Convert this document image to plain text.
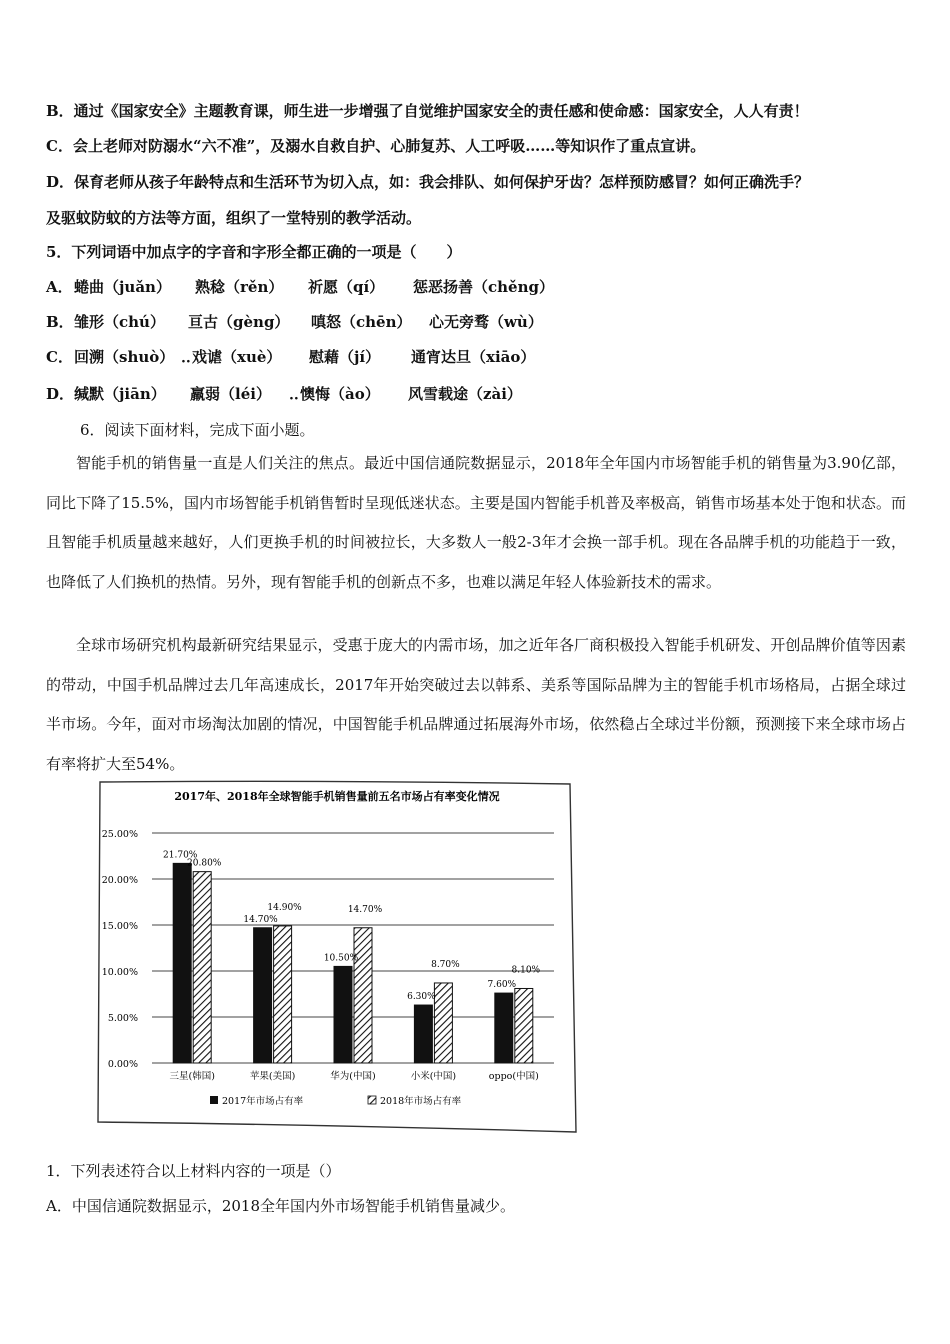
B．通过《国家安全》主题教育课，师生进一步增强了自觉维护国家安全的责任感和使命感：国家安全，人人有责！
C．会上老师对防溺水“六不准”，及溺水自救自护、心肺复苏、人工呼吸……等知识作了重点宣讲。
D．保育老师从孩子年龄特点和生活环节为切入点，如：我会排队、如何保护牙齿？怎样预防感冒？如何正确洗手？
及驱蚊防蚊的方法等方面，组织了一堂特别的教学活动。
5．下列词语中加点字的字音和字形全都正确的一项是（　　）
A． 蜷曲（juǎn） 熟稔（rěn） 祈愿（qí） 惩恶扬善（chěng）
B． 雏形（chú） 亘古（gèng） 嗔怒（chēn） 心无旁骛（wù）
C． 回溯（shuò） ·· 戏谑（xuè） 慰藉（jí） 通宵达旦（xiāo）
D． 缄默（jiān） 羸弱（léi） ·· 懊悔（ào） 风雪载途（zài）
6．阅读下面材料，完成下面小题。
智能手机的销售量一直是人们关注的焦点。最近中国信通院数据显示，2018年全年国内市场智能手机的销售量为3.90亿部，同比下降了15.5%，国内市场智能手机销售暂时呈现低迷状态。主要是国内智能手机普及率极高，销售市场基本处于饱和状态。而且智能手机质量越来越好，人们更换手机的时间被拉长，大多数人一般2-3年才会换一部手机。现在各品牌手机的功能趋于一致，也降低了人们换机的热情。另外，现有智能手机的创新点不多，也难以满足年轻人体验新技术的需求。
全球市场研究机构最新研究结果显示，受惠于庞大的内需市场，加之近年各厂商积极投入智能手机研发、开创品牌价值等因素的带动，中国手机品牌过去几年高速成长，2017年开始突破过去以韩系、美系等国际品牌为主的智能手机市场格局，占据全球过半市场。今年，面对市场淘汰加剧的情况，中国智能手机品牌通过拓展海外市场，依然稳占全球过半份额，预测接下来全球市场占有率将扩大至54%。
2017年、2018年全球智能手机销售量前五名市场占有率变化情况
0.00%
5.00%
10.00%
15.00%
20.00%
25.00%
21.70%
20.80%
三星(韩国)
14.70%
14.90%
苹果(美国)
10.50%
14.70%
华为(中国)
6.30%
8.70%
小米(中国)
7.60%
8.10%
oppo(中国)
2017年市场占有率	2018年市场占有率
1．下列表述符合以上材料内容的一项是（）
A．中国信通院数据显示，2018全年国内外市场智能手机销售量减少。
